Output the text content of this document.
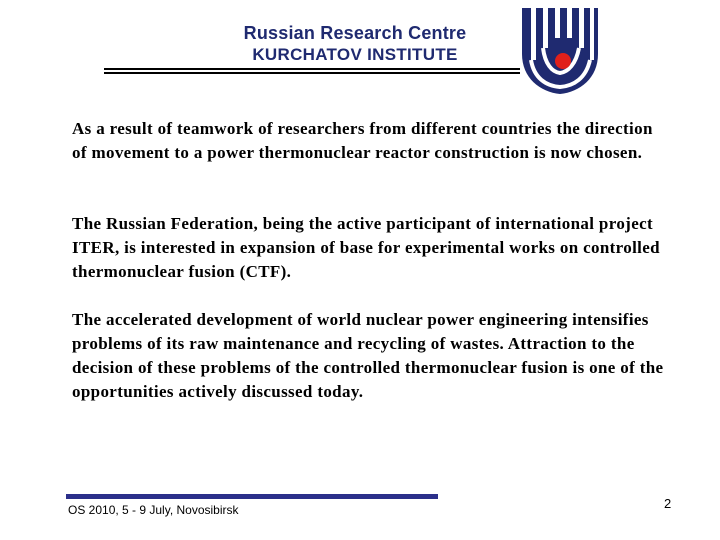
Russian Research Centre
KURCHATOV INSTITUTE

As a result of teamwork of researchers from different countries the direction of movement to a power thermonuclear reactor construction is now chosen.

The Russian Federation, being the active participant of international project ITER, is interested in expansion of base for experimental works on controlled thermonuclear fusion (CTF).

The accelerated development of world nuclear power engineering intensifies problems of its raw maintenance and recycling of wastes. Attraction to the decision of these problems of the controlled thermonuclear fusion is one of the opportunities actively discussed today.

OS 2010, 5 - 9 July, Novosibirsk	2
